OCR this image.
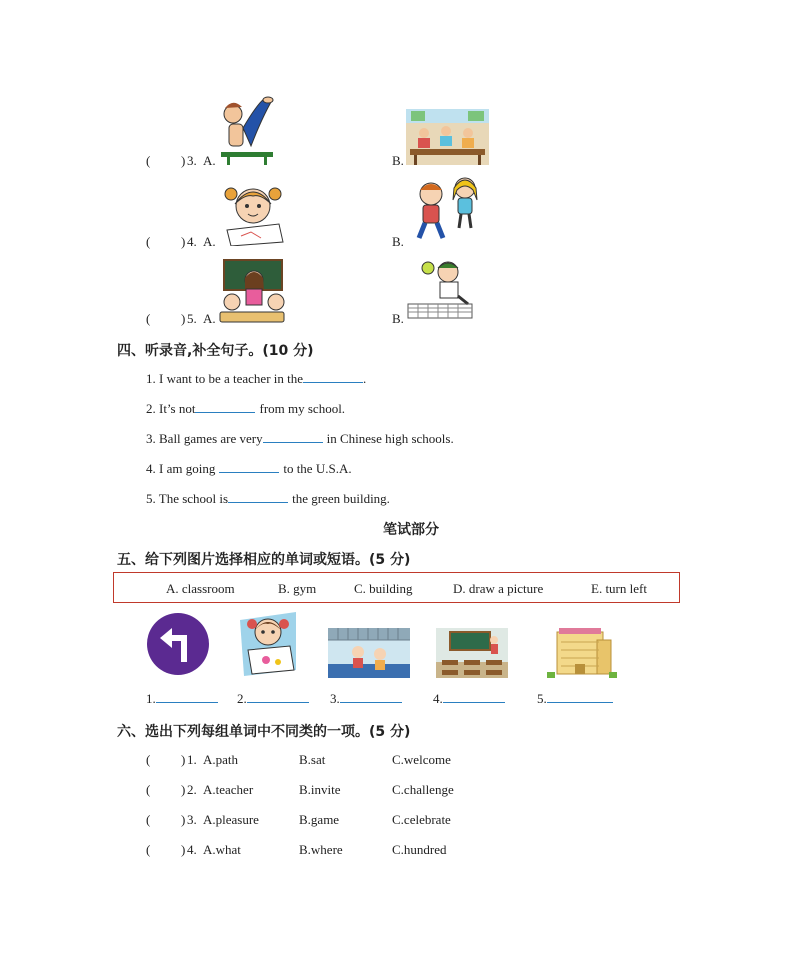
( ) 3. A.	B.
( ) 4. A.	B.
( ) 5. A.	B.
四、听录音,补全句子。(10 分)
1. I want to be a teacher in the	.
2. It’s not	from my school.
3. Ball games are very	in Chinese high schools.
4. I am going	to the U.S.A.
5. The school is	the green building.
笔试部分
五、给下列图片选择相应的单词或短语。(5 分)
A. classroom	B. gym	C. building	D. draw a picture	E. turn left
1.	2.	3.	4.	5.
六、选出下列每组单词中不同类的一项。(5 分)
( ) 1. A.path	B.sat	C.welcome
( ) 2. A.teacher	B.invite	C.challenge
( ) 3. A.pleasure	B.game	C.celebrate
( ) 4. A.what	B.where	C.hundred
